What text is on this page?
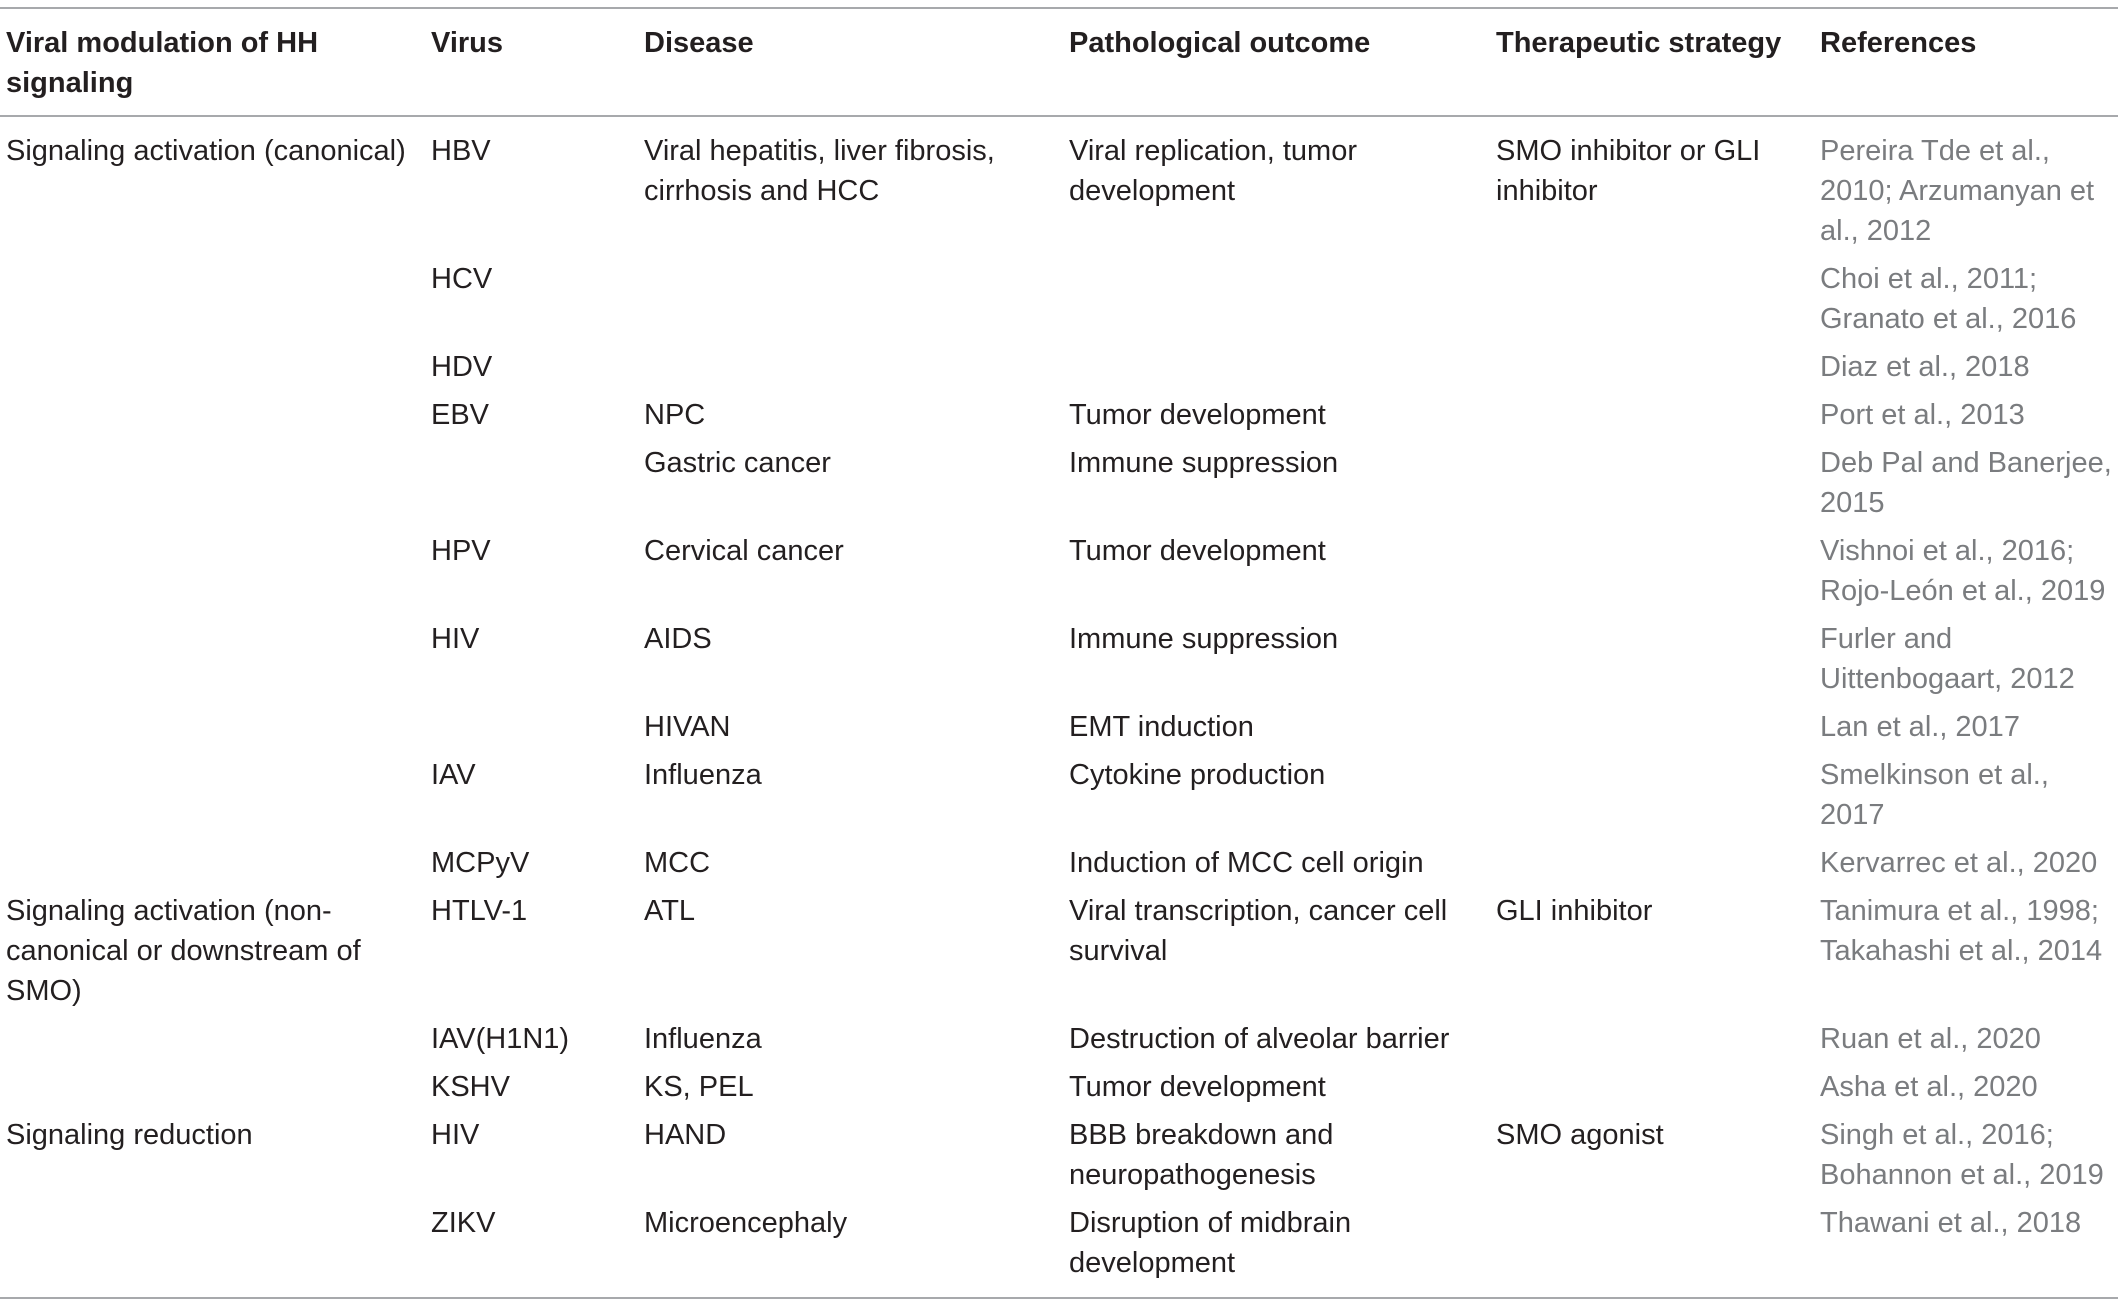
Viral modulation of HH signaling	Virus	Disease	Pathological outcome	Therapeutic strategy	References
Signaling activation (canonical)	HBV	Viral hepatitis, liver fibrosis, cirrhosis and HCC	Viral replication, tumor development	SMO inhibitor or GLI inhibitor	Pereira Tde et al., 2010; Arzumanyan et al., 2012
	HCV				Choi et al., 2011; Granato et al., 2016
	HDV				Diaz et al., 2018
	EBV	NPC	Tumor development		Port et al., 2013
		Gastric cancer	Immune suppression		Deb Pal and Banerjee, 2015
	HPV	Cervical cancer	Tumor development		Vishnoi et al., 2016; Rojo-León et al., 2019
	HIV	AIDS	Immune suppression		Furler and Uittenbogaart, 2012
		HIVAN	EMT induction		Lan et al., 2017
	IAV	Influenza	Cytokine production		Smelkinson et al., 2017
	MCPyV	MCC	Induction of MCC cell origin		Kervarrec et al., 2020
Signaling activation (non-canonical or downstream of SMO)	HTLV-1	ATL	Viral transcription, cancer cell survival	GLI inhibitor	Tanimura et al., 1998; Takahashi et al., 2014
	IAV(H1N1)	Influenza	Destruction of alveolar barrier		Ruan et al., 2020
	KSHV	KS, PEL	Tumor development		Asha et al., 2020
Signaling reduction	HIV	HAND	BBB breakdown and neuropathogenesis	SMO agonist	Singh et al., 2016; Bohannon et al., 2019
	ZIKV	Microencephaly	Disruption of midbrain development		Thawani et al., 2018
